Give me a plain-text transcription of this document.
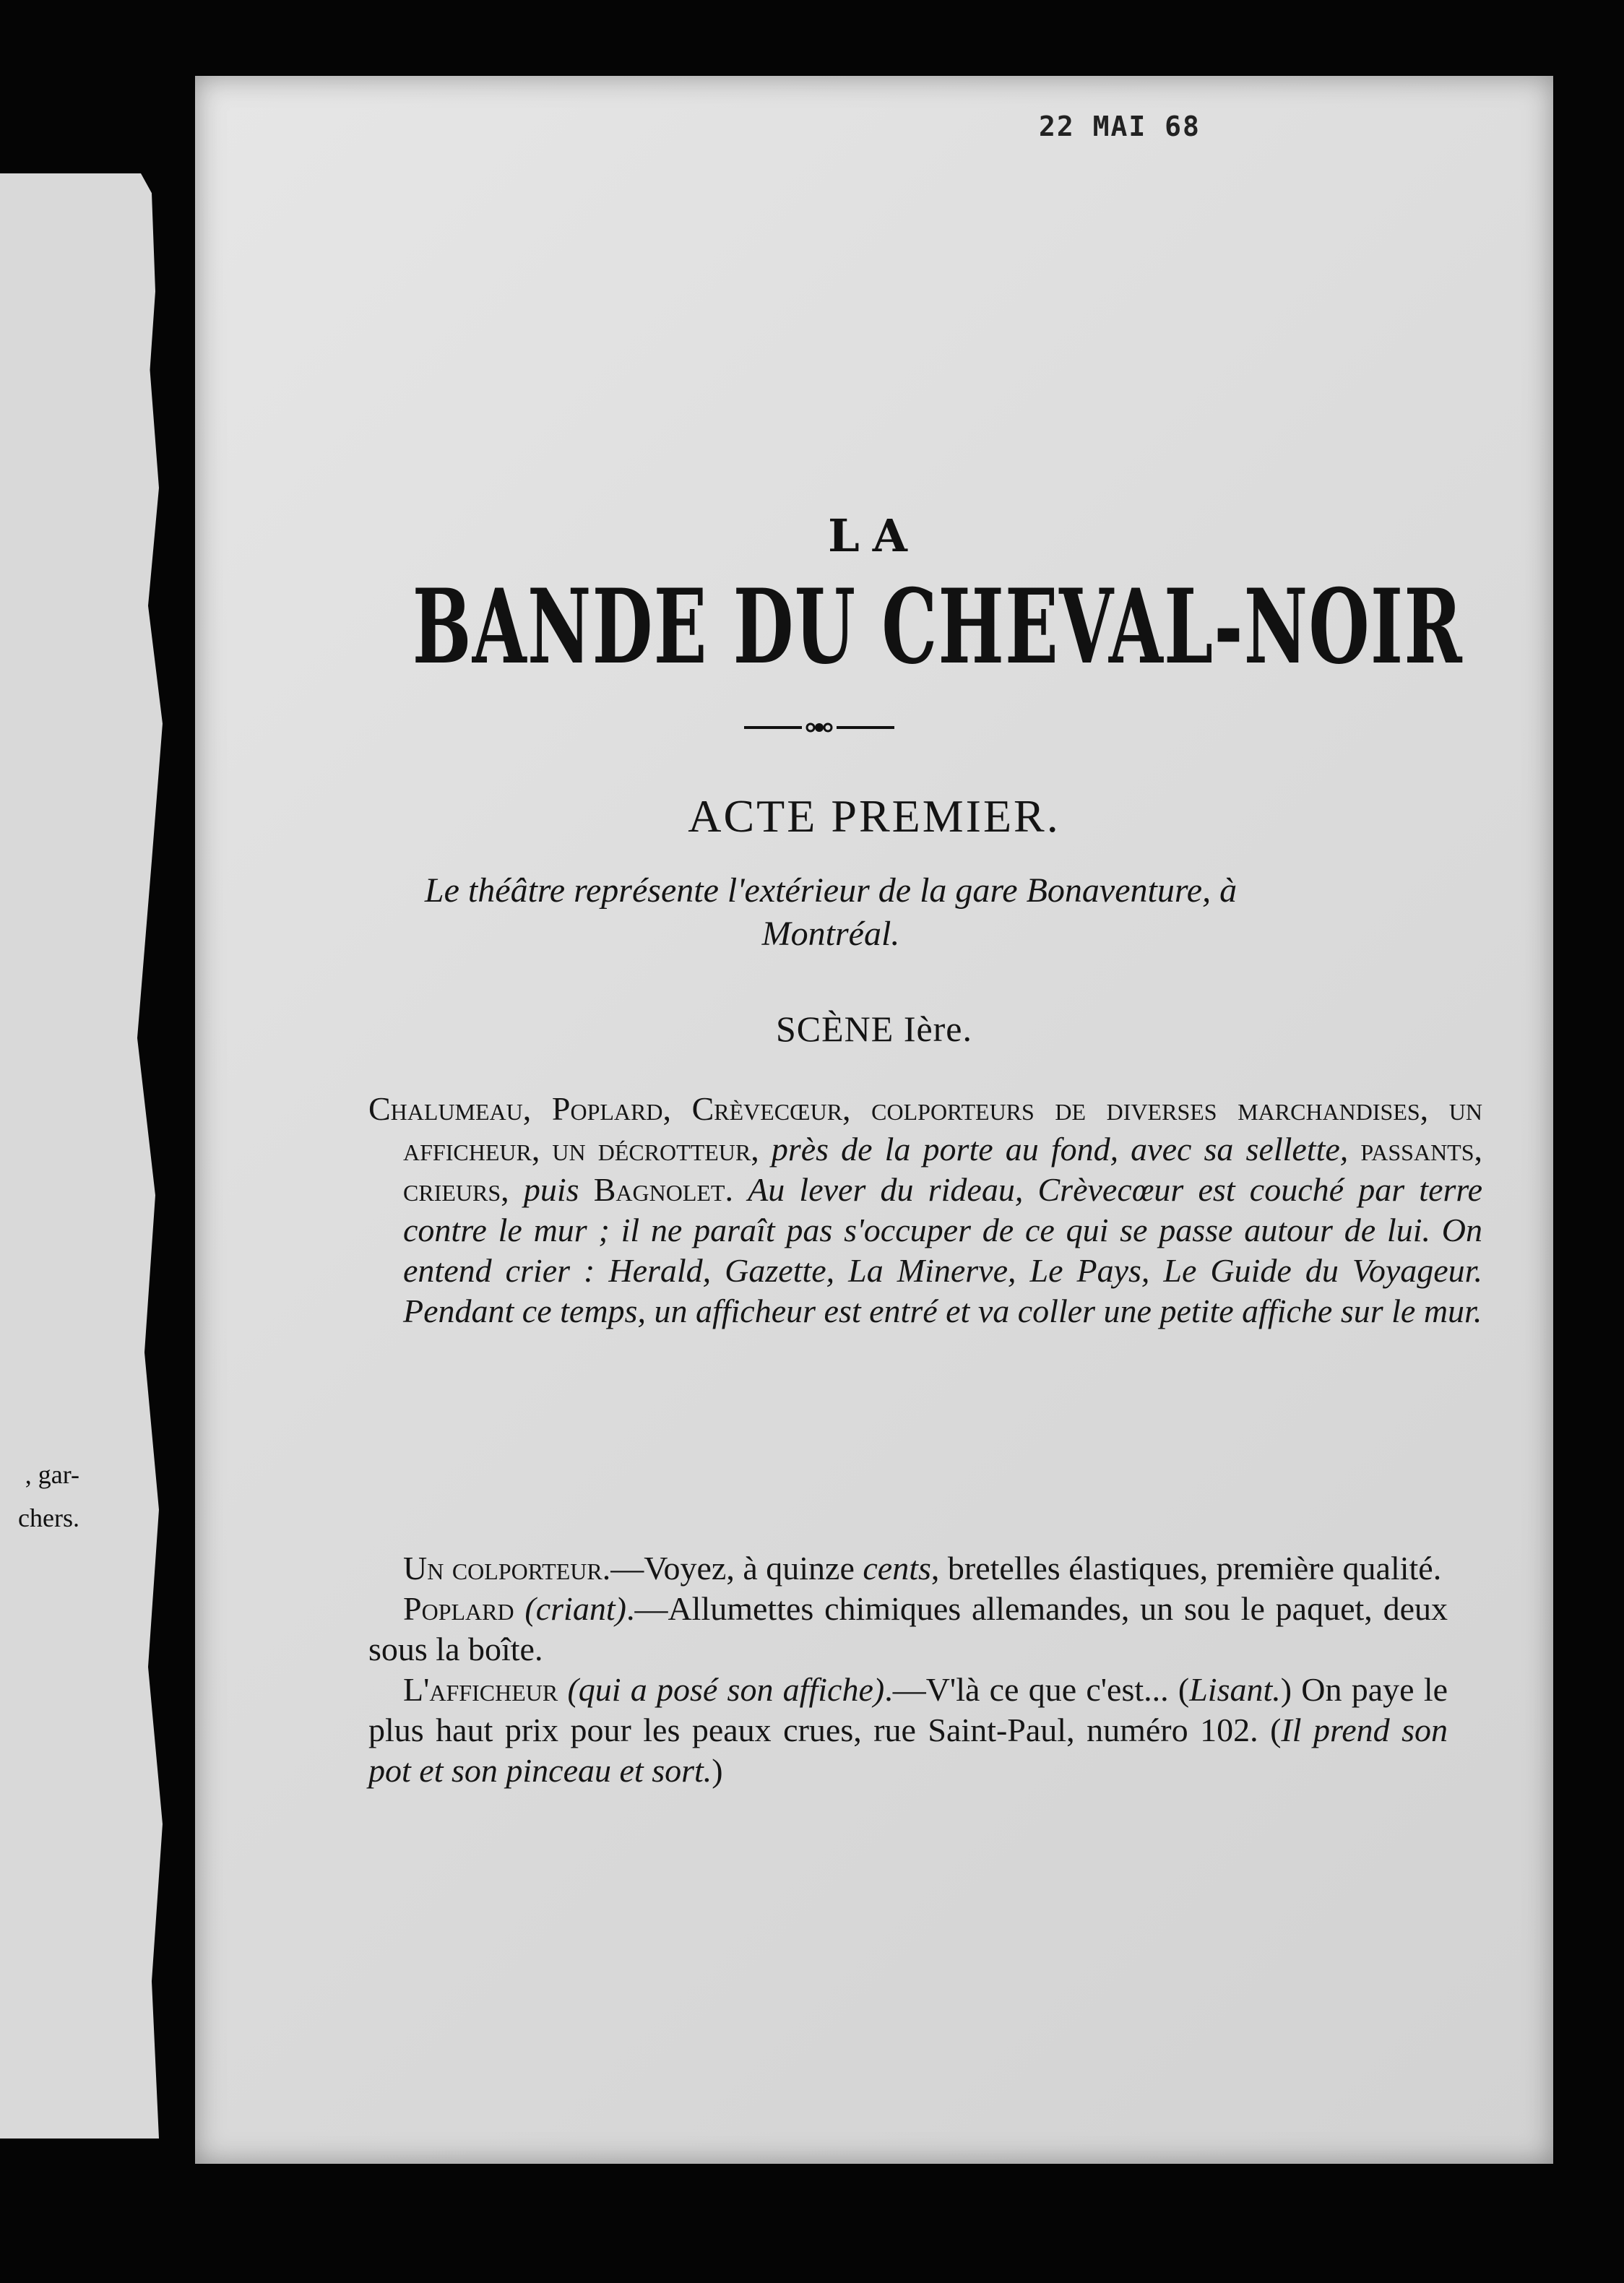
, gar-
chers.
22 MAI 68
LA
BANDE DU CHEVAL-NOIR
ACTE PREMIER.
Le théâtre représente l'extérieur de la gare Bonaventure, à Montréal.
SCÈNE Ière.
Chalumeau, Poplard, Crèvecœur, colporteurs de diverses marchandises, un afficheur, un décrotteur, près de la porte au fond, avec sa sellette, passants, crieurs, puis Bagnolet. Au lever du rideau, Crèvecœur est couché par terre contre le mur ; il ne paraît pas s'occuper de ce qui se passe autour de lui. On entend crier : Herald, Gazette, La Minerve, Le Pays, Le Guide du Voyageur. Pendant ce temps, un afficheur est entré et va coller une petite affiche sur le mur.

Un colporteur.—Voyez, à quinze cents, bretelles élastiques, première qualité.

Poplard (criant).—Allumettes chimiques allemandes, un sou le paquet, deux sous la boîte.

L'afficheur (qui a posé son affiche).—V'là ce que c'est... (Lisant.) On paye le plus haut prix pour les peaux crues, rue Saint-Paul, numéro 102. (Il prend son pot et son pinceau et sort.)
